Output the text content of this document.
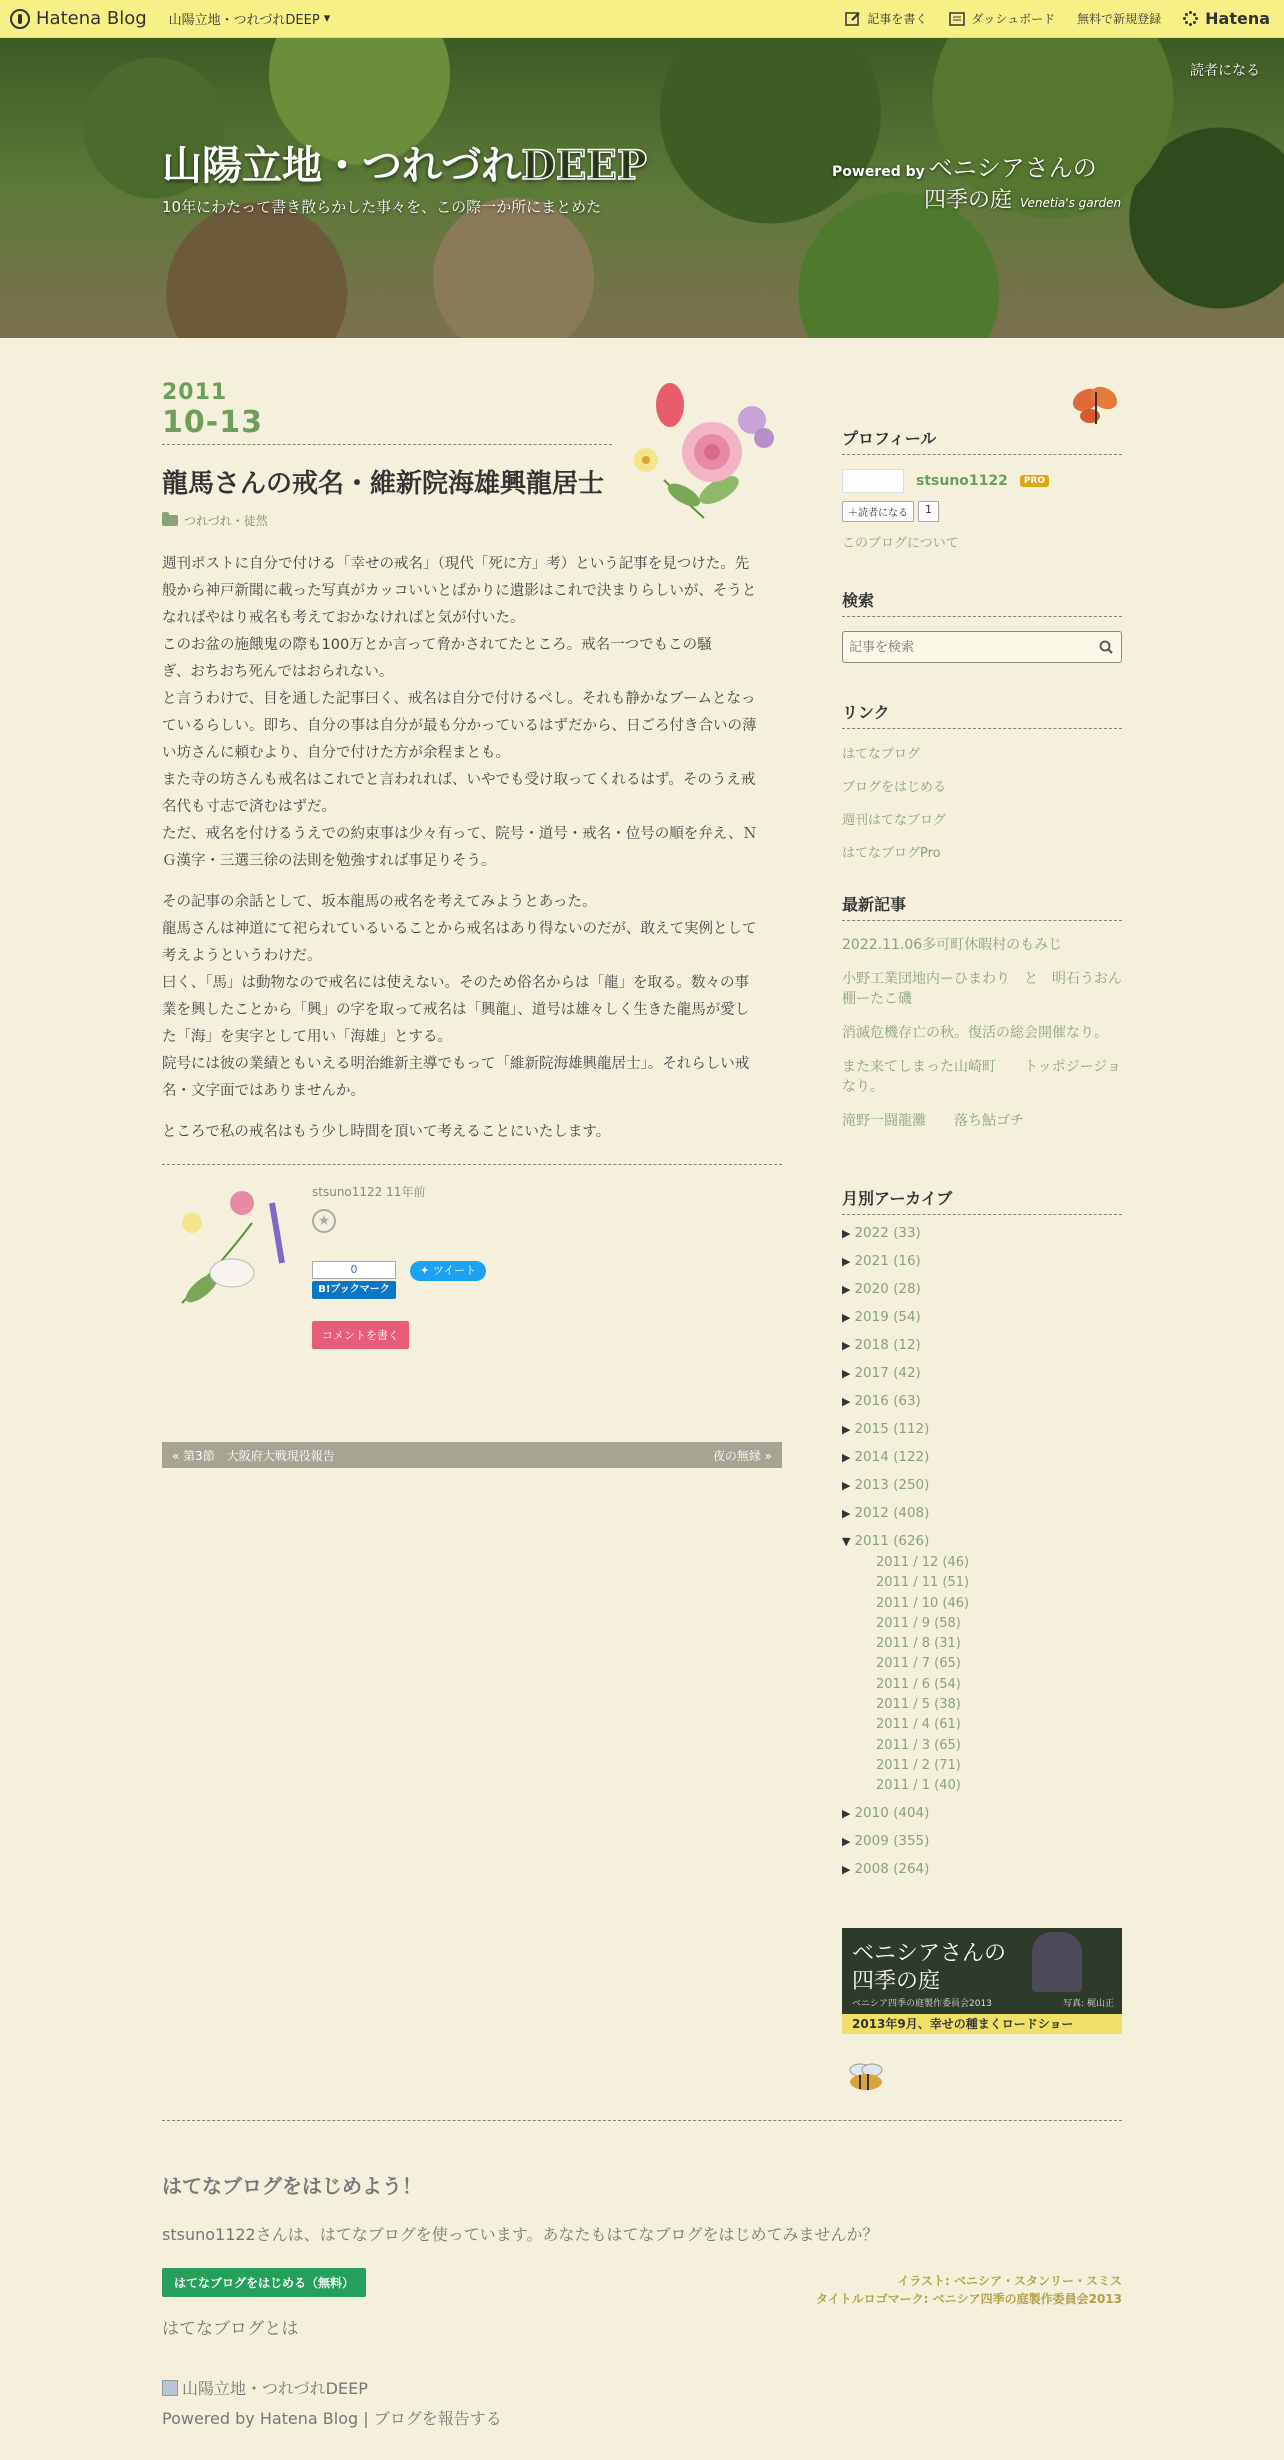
Hatena Blog 山陽立地・つれづれDEEP ▾	記事を書く	ダッシュボード 無料で新規登録	Hatena
山陽立地・つれづれDEEP
10年にわたって書き散らかした事々を、この際一か所にまとめた
読者になる
Powered by ベニシアさんの
四季の庭 Venetia's garden
2011
10-13
龍馬さんの戒名・維新院海雄興龍居士
つれづれ・徒然

週刊ポストに自分で付ける「幸せの戒名」（現代「死に方」考）という記事を見つけた。先
般から神戸新聞に載った写真がカッコいいとばかりに遺影はこれで決まりらしいが、そうと
なればやはり戒名も考えておかなければと気が付いた。
このお盆の施餓鬼の際も100万とか言って脅かされてたところ。戒名一つでもこの騒
ぎ、おちおち死んではおられない。
と言うわけで、目を通した記事曰く、戒名は自分で付けるべし。それも静かなブームとなっ
ているらしい。即ち、自分の事は自分が最も分かっているはずだから、日ごろ付き合いの薄
い坊さんに頼むより、自分で付けた方が余程まとも。
また寺の坊さんも戒名はこれでと言われれば、いやでも受け取ってくれるはず。そのうえ戒
名代も寸志で済むはずだ。
ただ、戒名を付けるうえでの約束事は少々有って、院号・道号・戒名・位号の順を弁え、Ｎ
Ｇ漢字・三選三徐の法則を勉強すれば事足りそう。

その記事の余話として、坂本龍馬の戒名を考えてみようとあった。
龍馬さんは神道にて祀られているいることから戒名はあり得ないのだが、敢えて実例として
考えようというわけだ。
曰く、「馬」は動物なので戒名には使えない。そのため俗名からは「龍」を取る。数々の事
業を興したことから「興」の字を取って戒名は「興龍」、道号は雄々しく生きた龍馬が愛し
た「海」を実字として用い「海雄」とする。
院号には彼の業績ともいえる明治維新主導でもって「維新院海雄興龍居士」。それらしい戒
名・文字面ではありませんか。

ところで私の戒名はもう少し時間を頂いて考えることにいたします。

stsuno1122 11年前
★
0
B!ブックマーク
✦ ツイート
コメントを書く
« 第3節　大阪府大戦現役報告	夜の無縁 »
プロフィール
stsuno1122	PRO
＋読者になる	1
このブログについて
検索
記事を検索
リンク
はてなブログ
ブログをはじめる
週刊はてなブログ
はてなブログPro
最新記事
2022.11.06多可町休暇村のもみじ
小野工業団地内ーひまわり　と　明石うおん棚ーたこ磯
消滅危機存亡の秋。復活の総会開催なり。
また来てしまった山崎町　　トッポジージョなり。
滝野一闘龍灘　　落ち鮎ゴチ
月別アーカイブ
▶ 2022 (33)
▶ 2021 (16)
▶ 2020 (28)
▶ 2019 (54)
▶ 2018 (12)
▶ 2017 (42)
▶ 2016 (63)
▶ 2015 (112)
▶ 2014 (122)
▶ 2013 (250)
▶ 2012 (408)
▼ 2011 (626)
2011 / 12 (46)
2011 / 11 (51)
2011 / 10 (46)
2011 / 9 (58)
2011 / 8 (31)
2011 / 7 (65)
2011 / 6 (54)
2011 / 5 (38)
2011 / 4 (61)
2011 / 3 (65)
2011 / 2 (71)
2011 / 1 (40)
▶ 2010 (404)
▶ 2009 (355)
▶ 2008 (264)
ベニシアさんの
四季の庭
ベニシア四季の庭製作委員会2013	写真: 梶山正
2013年9月、幸せの種まくロードショー
はてなブログをはじめよう！
stsuno1122さんは、はてなブログを使っています。あなたもはてなブログをはじめてみませんか？
はてなブログをはじめる（無料）
はてなブログとは
イラスト: ベニシア・スタンリー・スミス
タイトルロゴマーク: ベニシア四季の庭製作委員会2013
山陽立地・つれづれDEEP
Powered by Hatena Blog | ブログを報告する
